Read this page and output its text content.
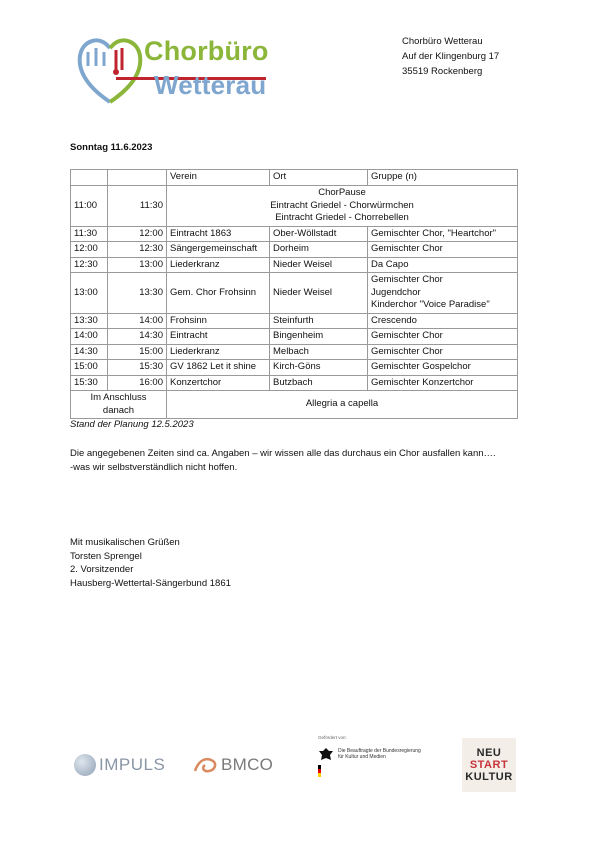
Chorbüro
Wetterau
Chorbüro Wetterau
Auf der Klingenburg 17
35519 Rockenberg
Sonntag 11.6.2023
		Verein	Ort	Gruppe (n)
11:00	11:30	ChorPause
Eintracht Griedel - Chorwürmchen
Eintracht Griedel - Chorrebellen		

11:30	12:00	Eintracht 1863	Ober-Wöllstadt	Gemischter Chor, "Heartchor"
12:00	12:30	Sängergemeinschaft	Dorheim	Gemischter Chor
12:30	13:00	Liederkranz	Nieder Weisel	Da Capo
13:00	13:30	Gem. Chor Frohsinn	Nieder Weisel	Gemischter Chor
Jugendchor
Kinderchor "Voice Paradise"

13:30	14:00	Frohsinn	Steinfurth	Crescendo
14:00	14:30	Eintracht	Bingenheim	Gemischter Chor
14:30	15:00	Liederkranz	Melbach	Gemischter Chor
15:00	15:30	GV 1862 Let it shine	Kirch-Göns	Gemischter Gospelchor
15:30	16:00	Konzertchor	Butzbach	Gemischter Konzertchor

Im Anschluss
danach		Allegria a capella		
Stand der Planung 12.5.2023
Die angegebenen Zeiten sind ca. Angaben – wir wissen alle das durchaus ein Chor ausfallen kann….
-was wir selbstverständlich nicht hoffen.
Mit musikalischen Grüßen
Torsten Sprengel
2. Vorsitzender
Hausberg-Wettertal-Sängerbund 1861
IMPULS	BMCO
Gefördert von:
Die Beauftragte der Bundesregierung
für Kultur und Medien	NEU
START
KULTUR
